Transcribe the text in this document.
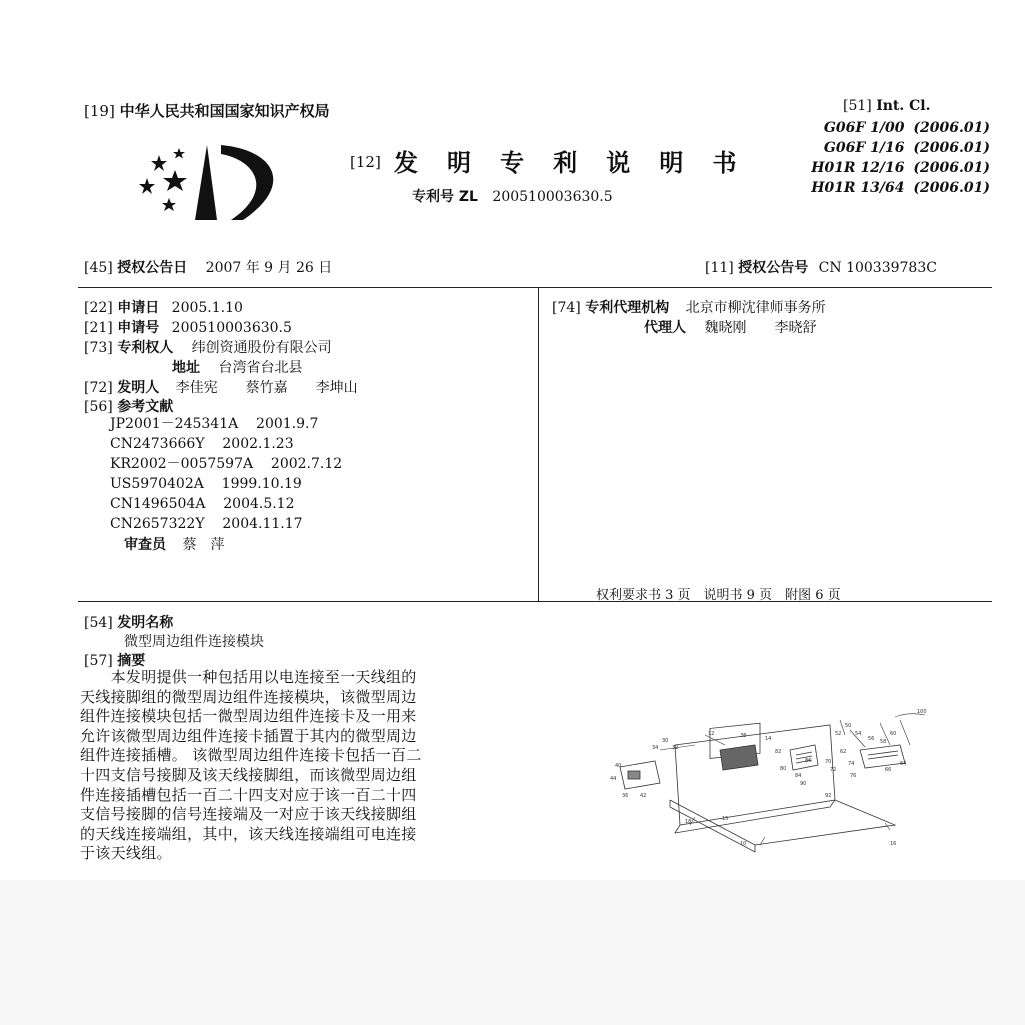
[19] 中华人民共和国国家知识产权局
[12] 发 明 专 利 说 明 书
专利号 ZL 200510003630.5
[51] Int. Cl.
G06F 1/00 (2006.01)
G06F 1/16 (2006.01)
H01R 12/16 (2006.01)
H01R 13/64 (2006.01)
[45] 授权公告日 2007 年 9 月 26 日	[11] 授权公告号 CN 100339783C
[22] 申请日 2005.1.10
[21] 申请号 200510003630.5
[73] 专利权人 纬创资通股份有限公司
地址 台湾省台北县
[72] 发明人 李佳宪　　蔡竹嘉　　李坤山
[56] 参考文献
JP2001－245341A 2001.9.7
CN2473666Y 2002.1.23
KR2002－0057597A 2002.7.12
US5970402A 1999.10.19
CN1496504A 2004.5.12
CN2657322Y 2004.11.17
审查员 蔡　萍
[74] 专利代理机构 北京市柳沈律师事务所
代理人 魏晓刚　　李晓舒
权利要求书 3 页　说明书 9 页　附图 6 页
[54] 发明名称
微型周边组件连接模块
[57] 摘要
　　本发明提供一种包括用以电连接至一天线组的
天线接脚组的微型周边组件连接模块，该微型周边
组件连接模块包括一微型周边组件连接卡及一用来
允许该微型周边组件连接卡插置于其内的微型周边
组件连接插槽。 该微型周边组件连接卡包括一百二
十四支信号接脚及该天线接脚组，而该微型周边组
件连接插槽包括一百二十四支对应于该一百二十四
支信号接脚的信号连接端及一对应于该天线接脚组
的天线连接端组，其中，该天线连接端组可电连接
于该天线组。
100
12
30
34	32
38	14
50
52	54
56 58
60
62
64
66
70
72
74
76
80
82
84
86
90
92
40
42
44
36
18
16
10
15
